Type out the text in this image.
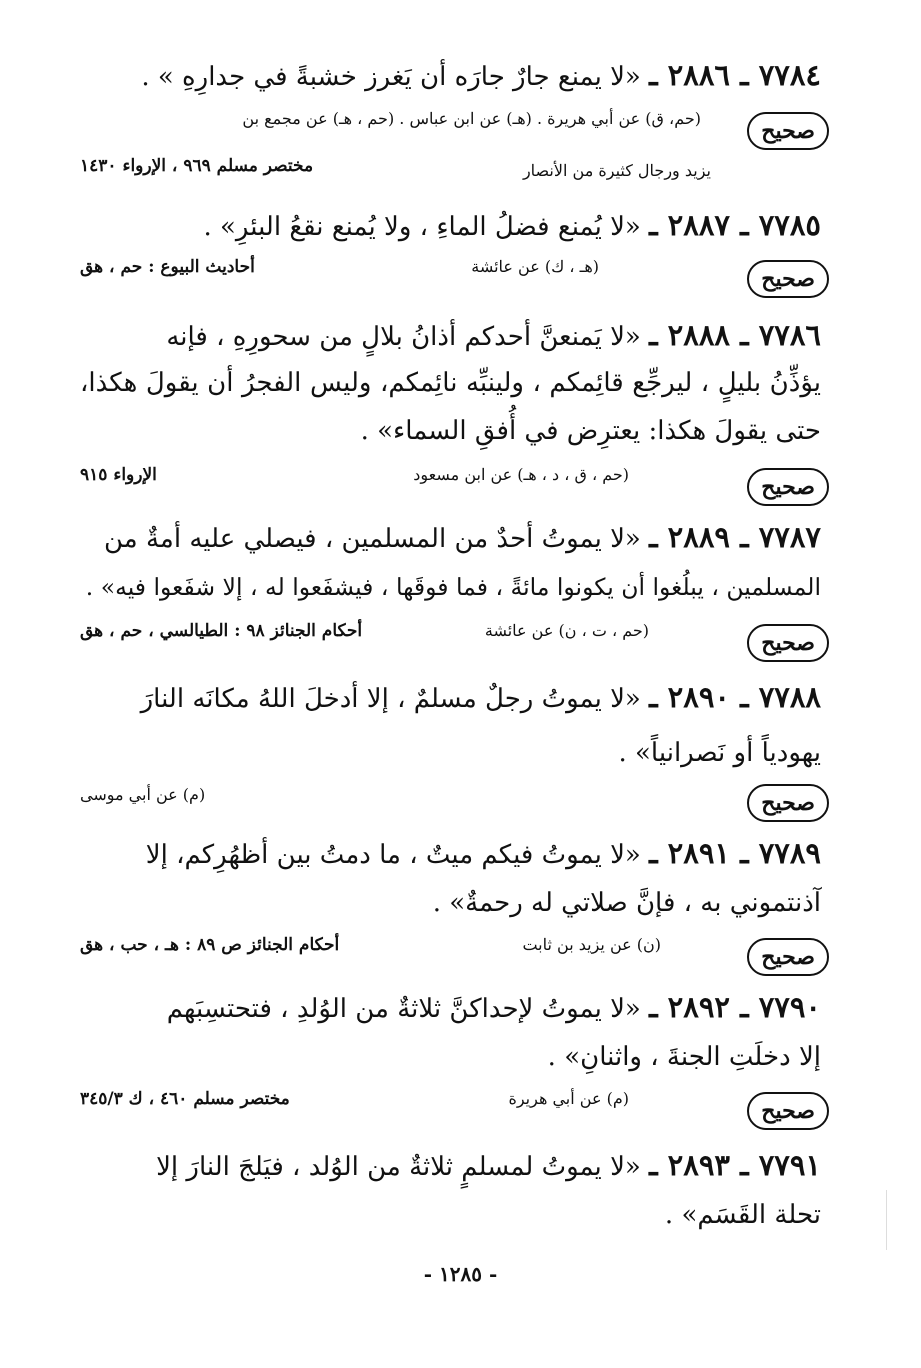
٧٧٨٤ ـ ٢٨٨٦ ـ «لا يمنع جارٌ جارَه أن يَغرز خشبةً في جدارِهِ » .
صحيح
(حم، ق) عن أبي هريرة . (هـ) عن ابن عباس . (حم ، هـ) عن مجمع بن
يزيد ورجال كثيرة من الأنصار
مختصر مسلم ٩٦٩ ، الإرواء ١٤٣٠
٧٧٨٥ ـ ٢٨٨٧ ـ «لا يُمنع فضلُ الماءِ ، ولا يُمنع نقعُ البئرِ» .
صحيح
(هـ ، ك) عن عائشة
أحاديث البيوع : حم ، هق
٧٧٨٦ ـ ٢٨٨٨ ـ «لا يَمنعنَّ أحدكم أذانُ بلالٍ من سحورِهِ ، فإنه
يؤذِّنُ بليلٍ ، ليرجِّع قائِمكم ، ولينبِّه نائِمكم، وليس الفجرُ أن يقولَ هكذا،
حتى يقولَ هكذا: يعترِض في أُفقِ السماء» .
صحيح
(حم ، ق ، د ، هـ) عن ابن مسعود
الإرواء ٩١٥
٧٧٨٧ ـ ٢٨٨٩ ـ «لا يموتُ أحدٌ من المسلمين ، فيصلي عليه أمةٌ من
المسلمين ، يبلُغوا أن يكونوا مائةً ، فما فوقَها ، فيشفَعوا له ، إلا شفَعوا فيه» .
صحيح
(حم ، ت ، ن) عن عائشة
أحكام الجنائز ٩٨ : الطيالسي ، حم ، هق
٧٧٨٨ ـ ٢٨٩٠ ـ «لا يموتُ رجلٌ مسلمٌ ، إلا أدخلَ اللهُ مكانَه النارَ
يهودياً أو نَصرانياً» .
(م) عن أبي موسى	صحيح
٧٧٨٩ ـ ٢٨٩١ ـ «لا يموتُ فيكم ميتٌ ، ما دمتُ بين أظهُرِكم، إلا
آذنتموني به ، فإنَّ صلاتي له رحمةٌ» .
صحيح
(ن) عن يزيد بن ثابت
أحكام الجنائز ص ٨٩ : هـ ، حب ، هق
٧٧٩٠ ـ ٢٨٩٢ ـ «لا يموتُ لإحداكنَّ ثلاثةٌ من الوُلدِ ، فتحتسِبَهم
إلا دخلَتِ الجنةَ ، واثنانِ» .
صحيح
(م) عن أبي هريرة
مختصر مسلم ٤٦٠ ، ك ٣٤٥/٣
٧٧٩١ ـ ٢٨٩٣ ـ «لا يموتُ لمسلمٍ ثلاثةٌ من الوُلد ، فيَلجَ النارَ إلا
تحلة القَسَم» .
- ١٢٨٥ -
